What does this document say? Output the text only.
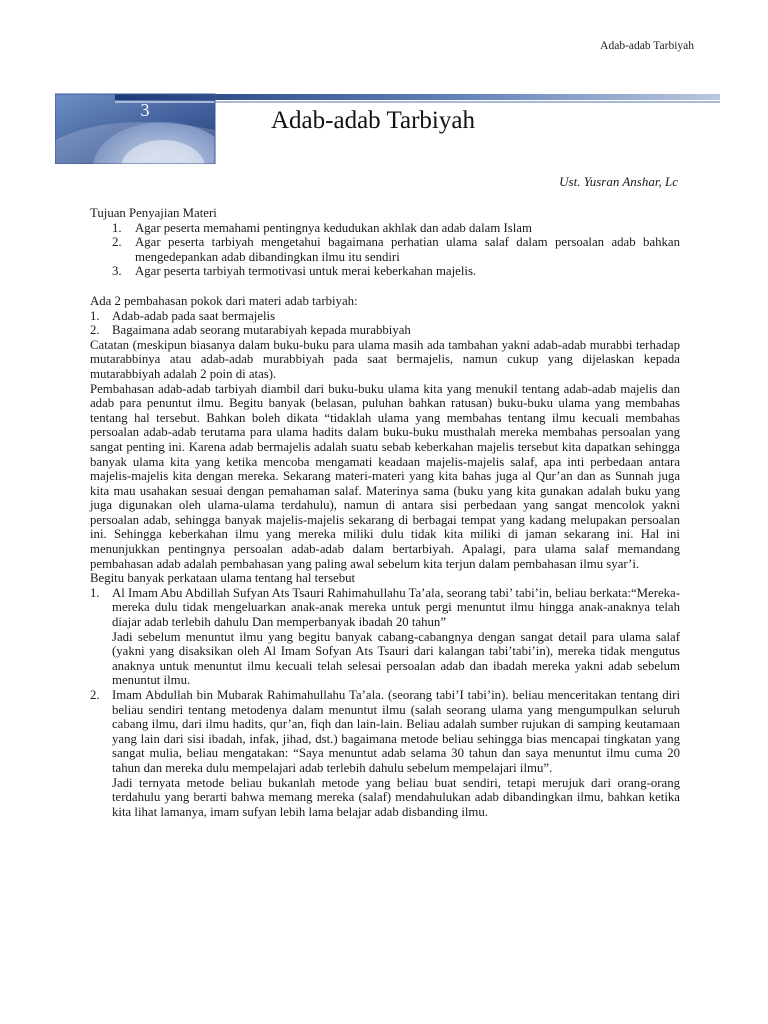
Adab-adab Tarbiyah
3	Adab-adab Tarbiyah
Ust. Yusran Anshar, Lc

Tujuan Penyajian Materi

1. Agar peserta memahami pentingnya kedudukan akhlak dan adab dalam Islam
2. Agar peserta tarbiyah mengetahui bagaimana perhatian ulama salaf dalam persoalan adab bahkan mengedepankan adab dibandingkan ilmu itu sendiri
3. Agar peserta tarbiyah termotivasi untuk merai keberkahan majelis.

Ada 2 pembahasan pokok dari materi adab tarbiyah:

1. Adab-adab pada saat bermajelis
2. Bagaimana adab seorang mutarabiyah kepada murabbiyah

Catatan (meskipun biasanya dalam buku-buku para ulama masih ada tambahan yakni adab-adab murabbi terhadap mutarabbinya atau adab-adab murabbiyah pada saat bermajelis, namun cukup yang dijelaskan kepada mutarabbiyah adalah 2 poin di atas).

Pembahasan adab-adab tarbiyah diambil dari buku-buku ulama kita yang menukil tentang adab-adab majelis dan adab para penuntut ilmu. Begitu banyak (belasan, puluhan bahkan ratusan) buku-buku ulama yang membahas tentang hal tersebut. Bahkan boleh dikata “tidaklah ulama yang membahas tentang ilmu kecuali membahas persoalan adab-adab terutama para ulama hadits dalam buku-buku musthalah mereka membahas persoalan yang sangat penting ini. Karena adab bermajelis adalah suatu sebab keberkahan majelis tersebut kita dapatkan sehingga banyak ulama kita yang ketika mencoba mengamati keadaan majelis-majelis salaf, apa inti perbedaan antara majelis-majelis kita dengan mereka. Sekarang materi-materi yang kita bahas juga al Qur’an dan as Sunnah juga kita mau usahakan sesuai dengan pemahaman salaf. Materinya sama (buku yang kita gunakan adalah buku yang juga digunakan oleh ulama-ulama terdahulu), namun di antara sisi perbedaan yang sangat mencolok yakni persoalan adab, sehingga banyak majelis-majelis sekarang di berbagai tempat yang kadang melupakan persoalan ini. Sehingga keberkahan ilmu yang mereka miliki dulu tidak kita miliki di jaman sekarang ini. Hal ini menunjukkan pentingnya persoalan adab-adab dalam bertarbiyah. Apalagi, para ulama salaf memandang pembahasan adab adalah pembahasan yang paling awal sebelum kita terjun dalam pembahasan ilmu syar’i.

Begitu banyak perkataan ulama tentang hal tersebut

1. Al Imam Abu Abdillah Sufyan Ats Tsauri Rahimahullahu Ta’ala, seorang tabi’ tabi’in, beliau berkata:“Mereka-mereka dulu tidak mengeluarkan anak-anak mereka untuk pergi menuntut ilmu hingga anak-anaknya telah diajar adab terlebih dahulu Dan memperbanyak ibadah 20 tahun”

Jadi sebelum menuntut ilmu yang begitu banyak cabang-cabangnya dengan sangat detail para ulama salaf (yakni yang disaksikan oleh Al Imam Sofyan Ats Tsauri dari kalangan tabi’tabi’in), mereka tidak mengutus anaknya untuk menuntut ilmu kecuali telah selesai persoalan adab dan ibadah mereka yakni adab sebelum menuntut ilmu.

2. Imam Abdullah bin Mubarak Rahimahullahu Ta’ala. (seorang tabi’I tabi’in). beliau menceritakan tentang diri beliau sendiri tentang metodenya dalam menuntut ilmu (salah seorang ulama yang mengumpulkan seluruh cabang ilmu, dari ilmu hadits, qur’an, fiqh dan lain-lain. Beliau adalah sumber rujukan di samping keutamaan yang lain dari sisi ibadah, infak, jihad, dst.) bagaimana metode beliau sehingga bias mencapai tingkatan yang sangat mulia, beliau mengatakan: “Saya menuntut adab selama 30 tahun dan saya menuntut ilmu cuma 20 tahun dan mereka dulu mempelajari adab terlebih dahulu sebelum mempelajari ilmu”.

Jadi ternyata metode beliau bukanlah metode yang beliau buat sendiri, tetapi merujuk dari orang-orang terdahulu yang berarti bahwa memang mereka (salaf) mendahulukan adab dibandingkan ilmu, bahkan ketika kita lihat lamanya, imam sufyan lebih lama belajar adab disbanding ilmu.
